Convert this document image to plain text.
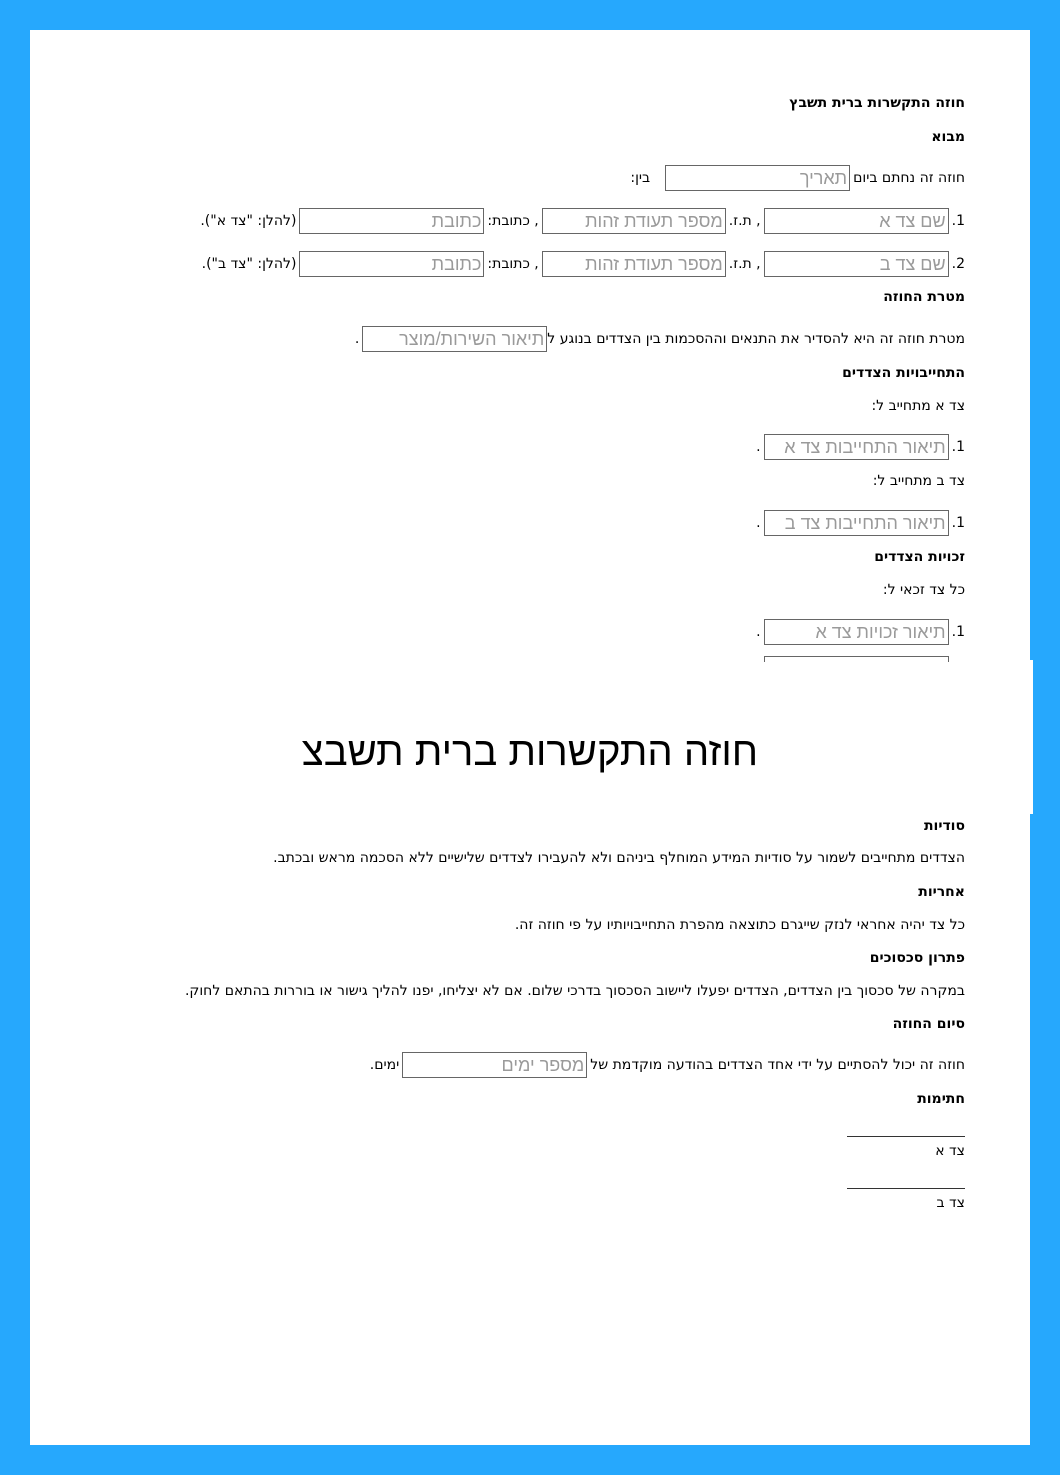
חוזה התקשרות ברית תשבץ
מבוא
חוזה זה נחתם ביום
תאריך
בין:
1.
שם צד א
, ת.ז.
מספר תעודת זהות
, כתובת:
כתובת
(להלן: "צד א").
2.
שם צד ב
, ת.ז.
מספר תעודת זהות
, כתובת:
כתובת
(להלן: "צד ב").
מטרת החוזה
מטרת חוזה זה היא להסדיר את התנאים וההסכמות בין הצדדים בנוגע ל
תיאור השירות/מוצר
.
התחייבויות הצדדים
צד א מתחייב ל:
1.
תיאור התחייבות צד א
.
צד ב מתחייב ל:
1.
תיאור התחייבות צד ב
.
זכויות הצדדים
כל צד זכאי ל:
1.
תיאור זכויות צד א
.
צבשת תירב תורשקתה הזוח
סודיות
הצדדים מתחייבים לשמור על סודיות המידע המוחלף ביניהם ולא להעבירו לצדדים שלישיים ללא הסכמה מראש ובכתב.
אחריות
כל צד יהיה אחראי לנזק שייגרם כתוצאה מהפרת התחייבויותיו על פי חוזה זה.
פתרון סכסוכים
במקרה של סכסוך בין הצדדים, הצדדים יפעלו ליישוב הסכסוך בדרכי שלום. אם לא יצליחו, יפנו להליך גישור או בוררות בהתאם לחוק.
סיום החוזה
חוזה זה יכול להסתיים על ידי אחד הצדדים בהודעה מוקדמת של
מספר ימים
ימים.
חתימות
צד א
צד ב
